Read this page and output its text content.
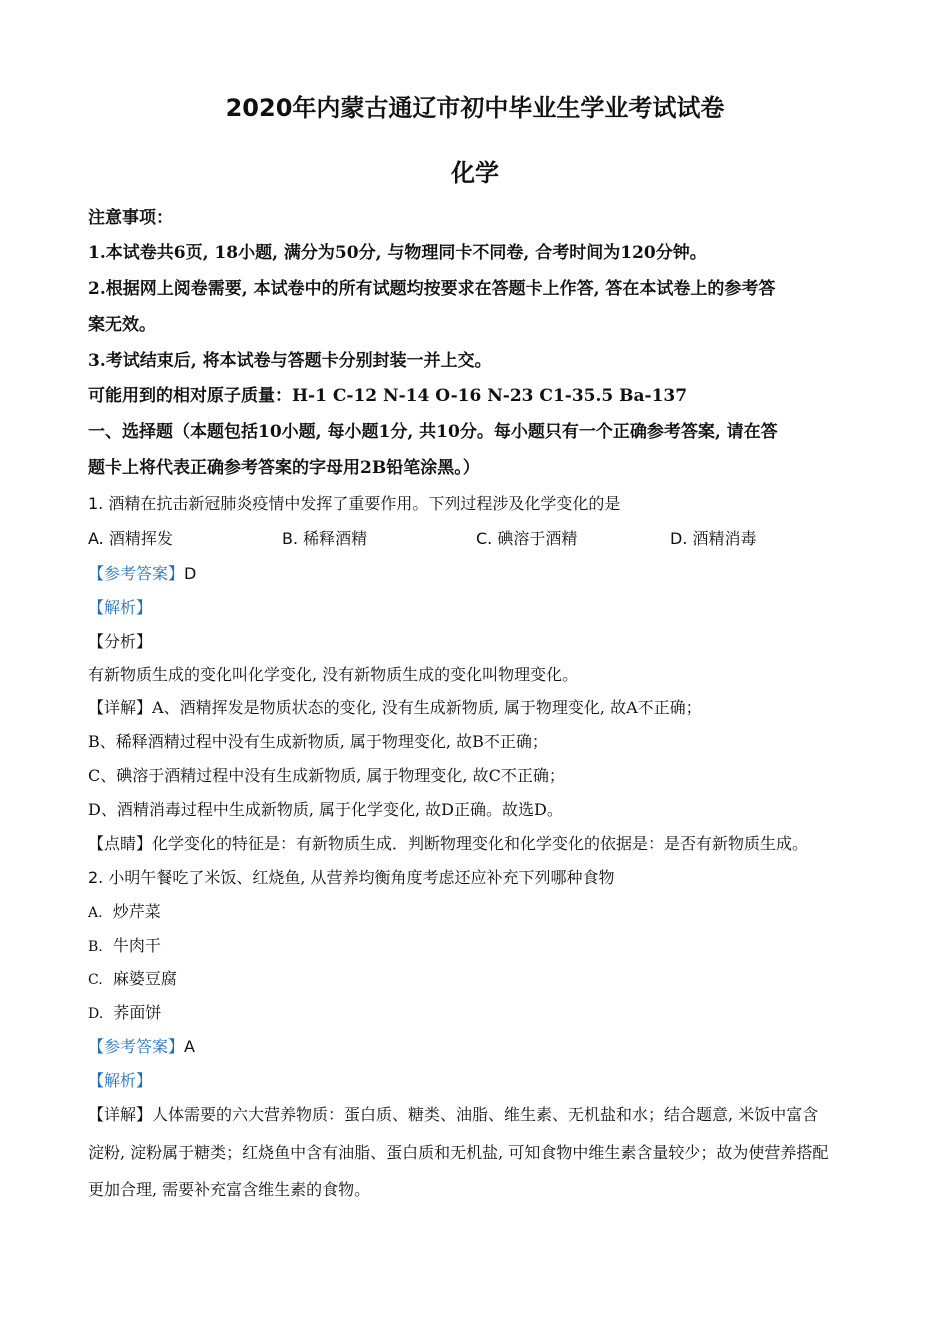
2020年内蒙古通辽市初中毕业生学业考试试卷
化学
注意事项：
1.本试卷共6页, 18小题, 满分为50分, 与物理同卡不同卷, 合考时间为120分钟。
2.根据网上阅卷需要, 本试卷中的所有试题均按要求在答题卡上作答, 答在本试卷上的参考答
案无效。
3.考试结束后, 将本试卷与答题卡分别封装一并上交。
可能用到的相对原子质量：H-1 C-12 N-14 O-16 N-23 C1-35.5 Ba-137
一、选择题（本题包括10小题, 每小题1分, 共10分。每小题只有一个正确参考答案, 请在答
题卡上将代表正确参考答案的字母用2B铅笔涂黑。）
1. 酒精在抗击新冠肺炎疫情中发挥了重要作用。下列过程涉及化学变化的是
A. 酒精挥发	B. 稀释酒精	C. 碘溶于酒精	D. 酒精消毒
【参考答案】D
【解析】
【分析】
有新物质生成的变化叫化学变化, 没有新物质生成的变化叫物理变化。
【详解】A、酒精挥发是物质状态的变化, 没有生成新物质, 属于物理变化, 故A不正确；
B、稀释酒精过程中没有生成新物质, 属于物理变化, 故B不正确；
C、碘溶于酒精过程中没有生成新物质, 属于物理变化, 故C不正确；
D、酒精消毒过程中生成新物质, 属于化学变化, 故D正确。故选D。
【点睛】化学变化的特征是：有新物质生成．判断物理变化和化学变化的依据是：是否有新物质生成。
2. 小明午餐吃了米饭、红烧鱼, 从营养均衡角度考虑还应补充下列哪种食物
A. 炒芹菜
B. 牛肉干
C. 麻婆豆腐
D. 荞面饼
【参考答案】A
【解析】
【详解】人体需要的六大营养物质：蛋白质、糖类、油脂、维生素、无机盐和水；结合题意, 米饭中富含
淀粉, 淀粉属于糖类；红烧鱼中含有油脂、蛋白质和无机盐, 可知食物中维生素含量较少；故为使营养搭配
更加合理, 需要补充富含维生素的食物。
